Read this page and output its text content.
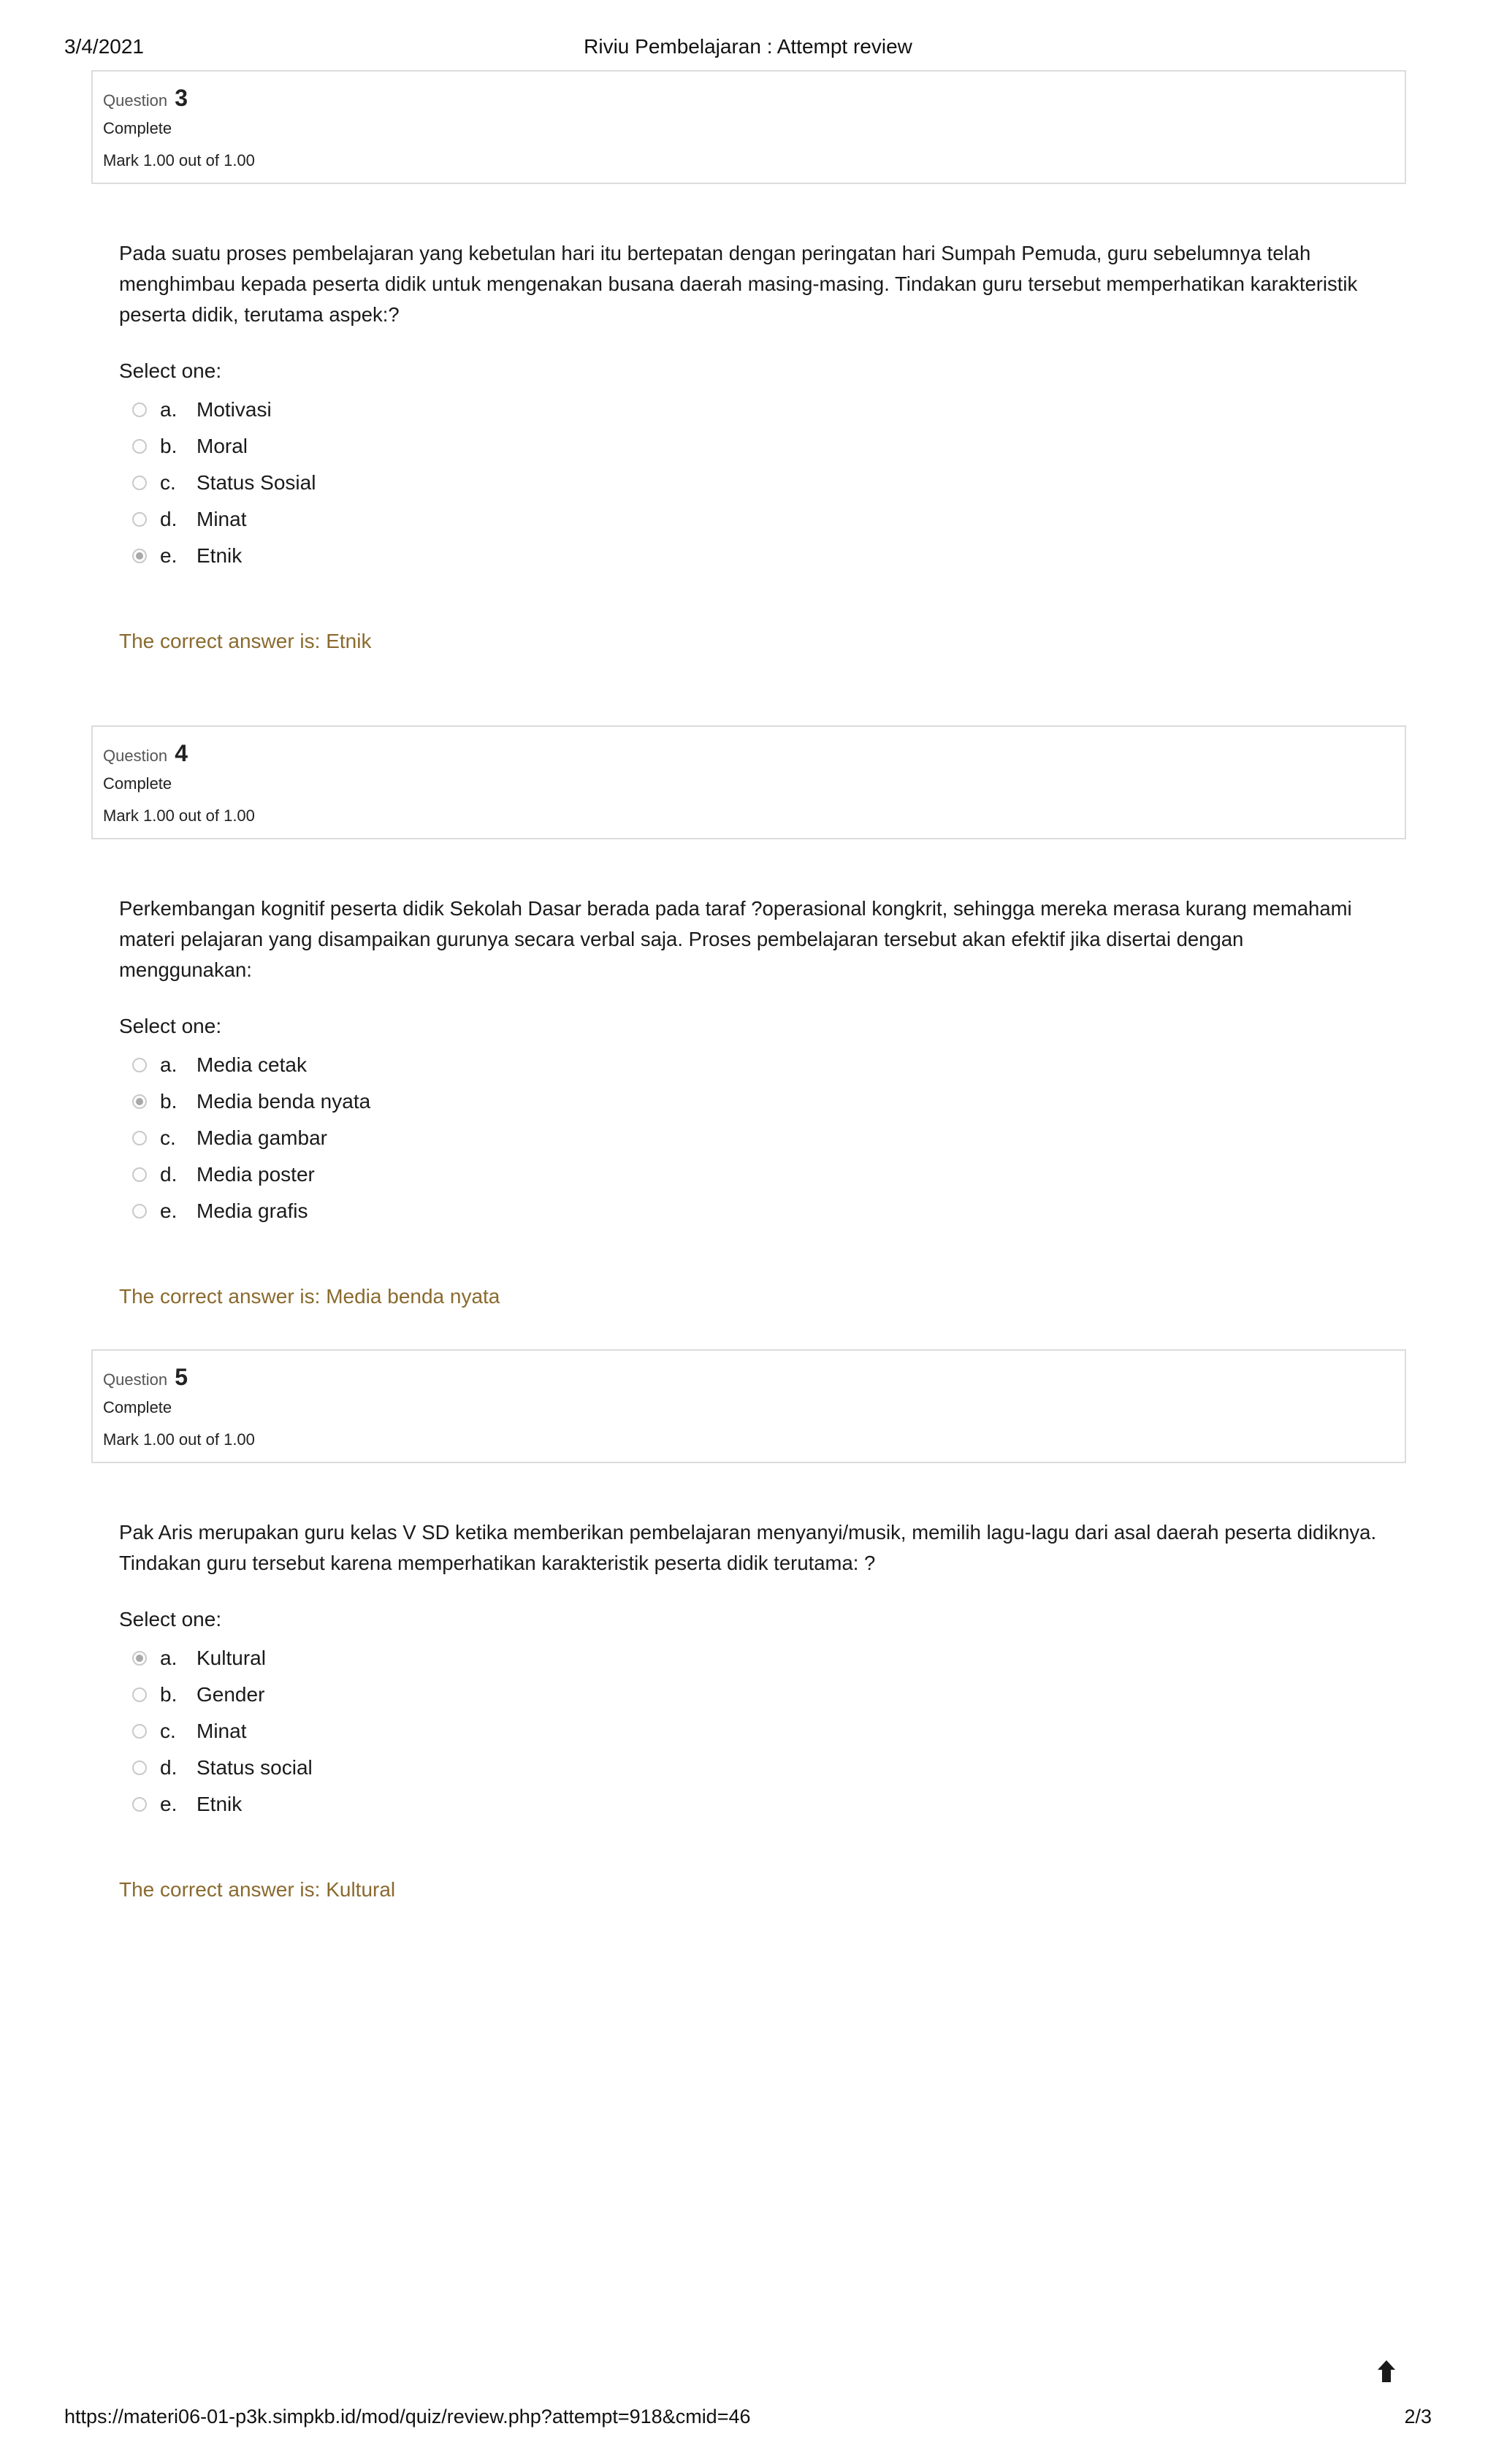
3/4/2021	Riviu Pembelajaran : Attempt review
Question 3
Complete
Mark 1.00 out of 1.00
Pada suatu proses pembelajaran yang kebetulan hari itu bertepatan dengan peringatan hari Sumpah Pemuda, guru sebelumnya telah menghimbau kepada peserta didik untuk mengenakan busana daerah masing-masing. Tindakan guru tersebut memperhatikan karakteristik peserta didik, terutama aspek:?
Select one:
a. Motivasi
b. Moral
c.	Status Sosial
d. Minat
e. Etnik
The correct answer is: Etnik
Question 4
Complete
Mark 1.00 out of 1.00
Perkembangan kognitif peserta didik Sekolah Dasar berada pada taraf ?operasional kongkrit, sehingga mereka merasa kurang memahami materi pelajaran yang disampaikan gurunya secara verbal saja. Proses pembelajaran tersebut akan efektif jika disertai dengan menggunakan:
Select one:
a. Media cetak
b. Media benda nyata
c.	Media gambar
d. Media poster
e. Media grafis
The correct answer is: Media benda nyata
Question 5
Complete
Mark 1.00 out of 1.00
Pak Aris merupakan guru kelas V SD ketika memberikan pembelajaran menyanyi/musik, memilih lagu-lagu dari asal daerah peserta didiknya. Tindakan guru tersebut karena memperhatikan karakteristik peserta didik terutama: ?
Select one:
a. Kultural
b. Gender
c.	Minat
d. Status social
e. Etnik
The correct answer is: Kultural
https://materi06-01-p3k.simpkb.id/mod/quiz/review.php?attempt=918&cmid=46	2/3
